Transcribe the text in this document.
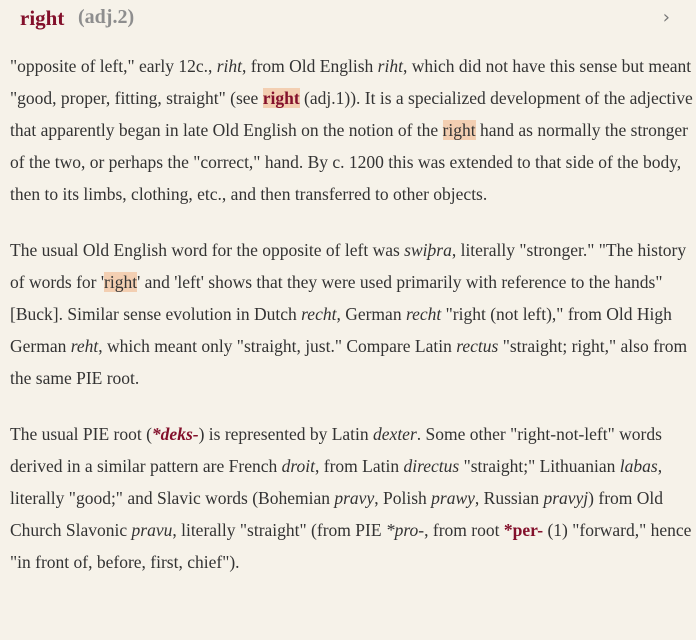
right (adj.2)	›

"opposite of left," early 12c., riht, from Old English riht, which did not have this sense but meant "good, proper, fitting, straight" (see right (adj.1)). It is a specialized development of the adjective that apparently began in late Old English on the notion of the right hand as normally the stronger of the two, or perhaps the "correct," hand. By c. 1200 this was extended to that side of the body, then to its limbs, clothing, etc., and then transferred to other objects.

The usual Old English word for the opposite of left was swiþra, literally "stronger." "The history of words for 'right' and 'left' shows that they were used primarily with reference to the hands" [Buck]. Similar sense evolution in Dutch recht, German recht "right (not left)," from Old High German reht, which meant only "straight, just." Compare Latin rectus "straight; right," also from the same PIE root.

The usual PIE root (*deks-) is represented by Latin dexter. Some other "right-not-left" words derived in a similar pattern are French droit, from Latin directus "straight;" Lithuanian labas, literally "good;" and Slavic words (Bohemian pravy, Polish prawy, Russian pravyj) from Old Church Slavonic pravu, literally "straight" (from PIE *pro-, from root *per- (1) "forward," hence "in front of, before, first, chief").
